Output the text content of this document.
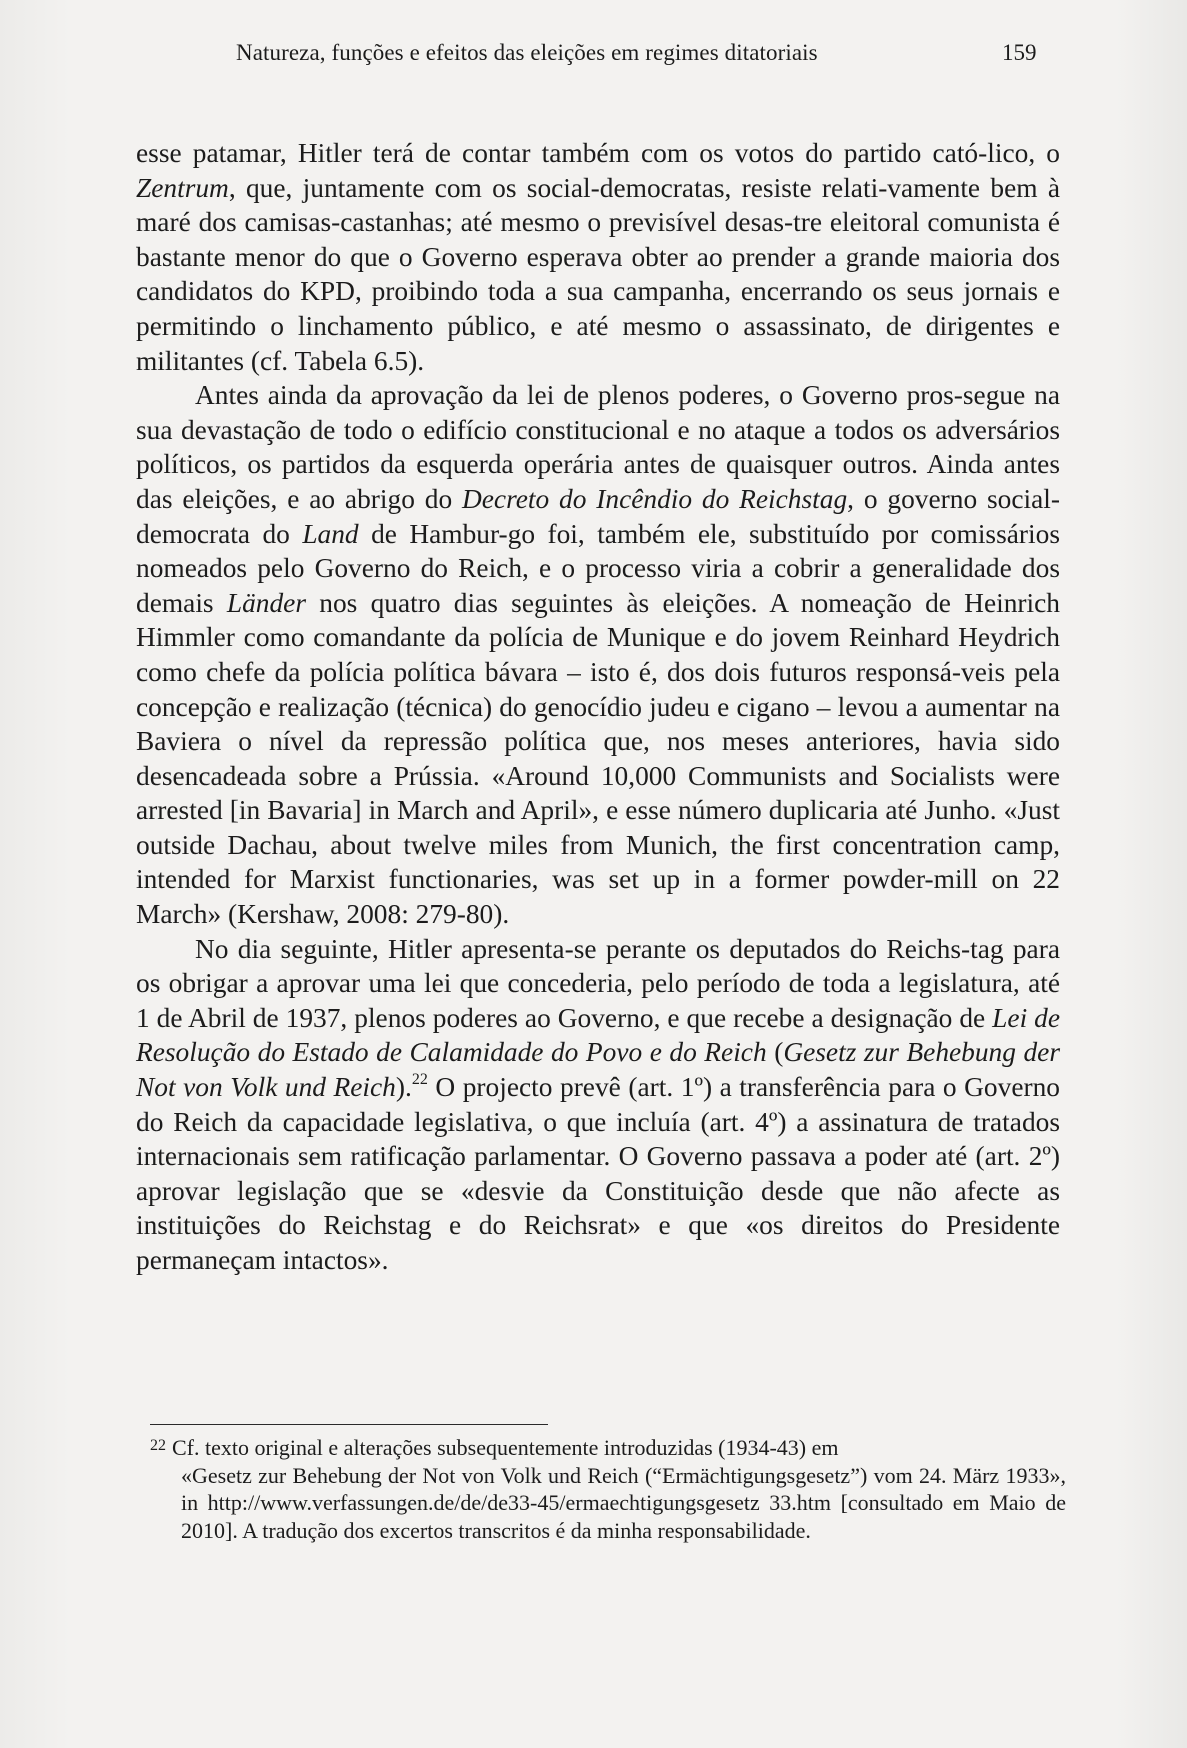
Natureza, funções e efeitos das eleições em regimes ditatoriais	159

esse patamar, Hitler terá de contar também com os votos do partido cató-lico, o Zentrum, que, juntamente com os social-democratas, resiste relati-vamente bem à maré dos camisas-castanhas; até mesmo o previsível desas-tre eleitoral comunista é bastante menor do que o Governo esperava obter ao prender a grande maioria dos candidatos do KPD, proibindo toda a sua campanha, encerrando os seus jornais e permitindo o linchamento público, e até mesmo o assassinato, de dirigentes e militantes (cf. Tabela 6.5).

Antes ainda da aprovação da lei de plenos poderes, o Governo pros-segue na sua devastação de todo o edifício constitucional e no ataque a todos os adversários políticos, os partidos da esquerda operária antes de quaisquer outros. Ainda antes das eleições, e ao abrigo do Decreto do Incêndio do Reichstag, o governo social-democrata do Land de Hambur-go foi, também ele, substituído por comissários nomeados pelo Governo do Reich, e o processo viria a cobrir a generalidade dos demais Länder nos quatro dias seguintes às eleições. A nomeação de Heinrich Himmler como comandante da polícia de Munique e do jovem Reinhard Heydrich como chefe da polícia política bávara – isto é, dos dois futuros responsá-veis pela concepção e realização (técnica) do genocídio judeu e cigano – levou a aumentar na Baviera o nível da repressão política que, nos meses anteriores, havia sido desencadeada sobre a Prússia. «Around 10,000 Communists and Socialists were arrested [in Bavaria] in March and April», e esse número duplicaria até Junho. «Just outside Dachau, about twelve miles from Munich, the first concentration camp, intended for Marxist functionaries, was set up in a former powder-mill on 22 March» (Kershaw, 2008: 279-80).

No dia seguinte, Hitler apresenta-se perante os deputados do Reichs-tag para os obrigar a aprovar uma lei que concederia, pelo período de toda a legislatura, até 1 de Abril de 1937, plenos poderes ao Governo, e que recebe a designação de Lei de Resolução do Estado de Calamidade do Povo e do Reich (Gesetz zur Behebung der Not von Volk und Reich).$^{22}$ O projecto prevê (art. 1º) a transferência para o Governo do Reich da capacidade legislativa, o que incluía (art. 4º) a assinatura de tratados internacionais sem ratificação parlamentar. O Governo passava a poder até (art. 2º) aprovar legislação que se «desvie da Constituição desde que não afecte as instituições do Reichstag e do Reichsrat» e que «os direitos do Presidente permaneçam intactos».

$^{22}$ Cf. texto original e alterações subsequentemente introduzidas (1934-43) em
«Gesetz zur Behebung der Not von Volk und Reich (“Ermächtigungsgesetz”) vom 24. März 1933», in http://www.verfassungen.de/de/de33-45/ermaechtigungsgesetz 33.htm [consultado em Maio de 2010]. A tradução dos excertos transcritos é da minha responsabilidade.
